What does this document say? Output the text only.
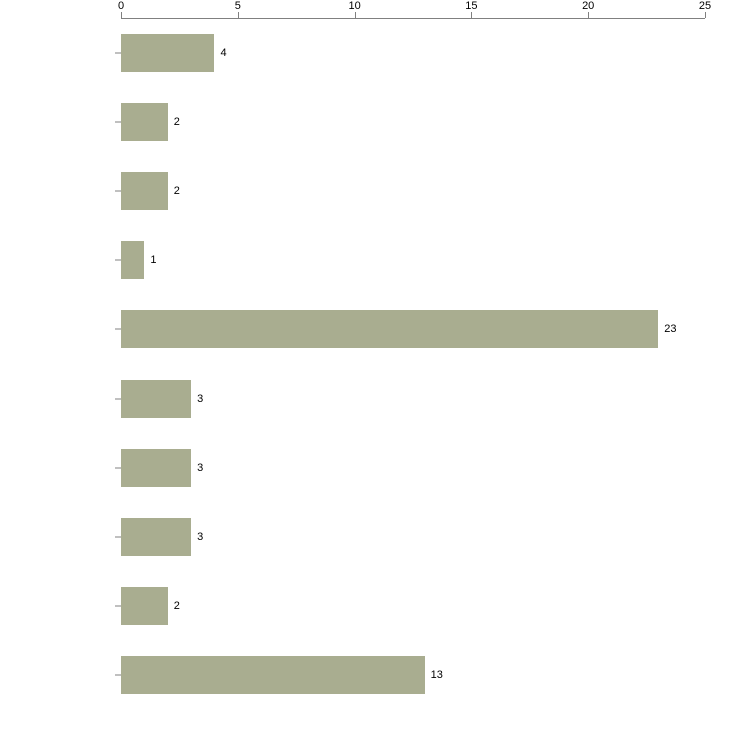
0	5	10	15	20	25
4
2
2
1
23
3
3
3
2
13
